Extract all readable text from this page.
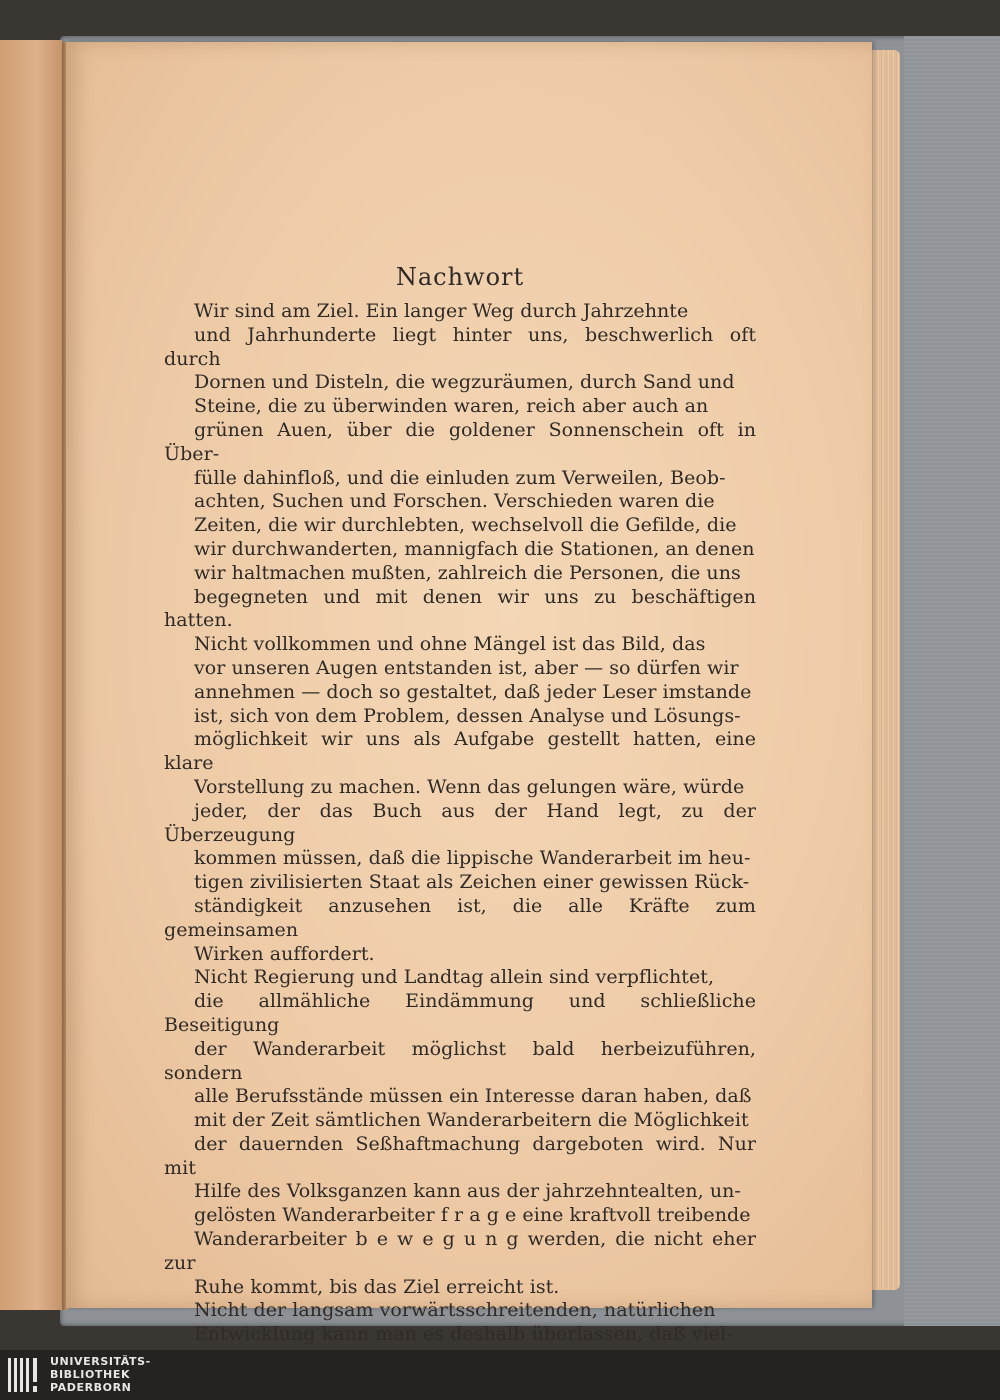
Nachwort

Wir sind am Ziel. Ein langer Weg durch Jahrzehnte
und Jahrhunderte liegt hinter uns, beschwerlich oft durch
Dornen und Disteln, die wegzuräumen, durch Sand und
Steine, die zu überwinden waren, reich aber auch an
grünen Auen, über die goldener Sonnenschein oft in Über-
fülle dahinfloß, und die einluden zum Verweilen, Beob-
achten, Suchen und Forschen. Verschieden waren die
Zeiten, die wir durchlebten, wechselvoll die Gefilde, die
wir durchwanderten, mannigfach die Stationen, an denen
wir haltmachen mußten, zahlreich die Personen, die uns
begegneten und mit denen wir uns zu beschäftigen hatten.

Nicht vollkommen und ohne Mängel ist das Bild, das
vor unseren Augen entstanden ist, aber — so dürfen wir
annehmen — doch so gestaltet, daß jeder Leser imstande
ist, sich von dem Problem, dessen Analyse und Lösungs-
möglichkeit wir uns als Aufgabe gestellt hatten, eine klare
Vorstellung zu machen. Wenn das gelungen wäre, würde
jeder, der das Buch aus der Hand legt, zu der Überzeugung
kommen müssen, daß die lippische Wanderarbeit im heu-
tigen zivilisierten Staat als Zeichen einer gewissen Rück-
ständigkeit anzusehen ist, die alle Kräfte zum gemeinsamen
Wirken auffordert.

Nicht Regierung und Landtag allein sind verpflichtet,
die allmähliche Eindämmung und schließliche Beseitigung
der Wanderarbeit möglichst bald herbeizuführen, sondern
alle Berufsstände müssen ein Interesse daran haben, daß
mit der Zeit sämtlichen Wanderarbeitern die Möglichkeit
der dauernden Seßhaftmachung dargeboten wird. Nur mit
Hilfe des Volksganzen kann aus der jahrzehntealten, un-
gelösten Wanderarbeiter f r a g e eine kraftvoll treibende
Wanderarbeiter b e w e g u n g werden, die nicht eher zur
Ruhe kommt, bis das Ziel erreicht ist.

Nicht der langsam vorwärtsschreitenden, natürlichen
Entwicklung kann man es deshalb überlassen, daß viel-

UNIVERSITÄTS-
BIBLIOTHEK
PADERBORN
